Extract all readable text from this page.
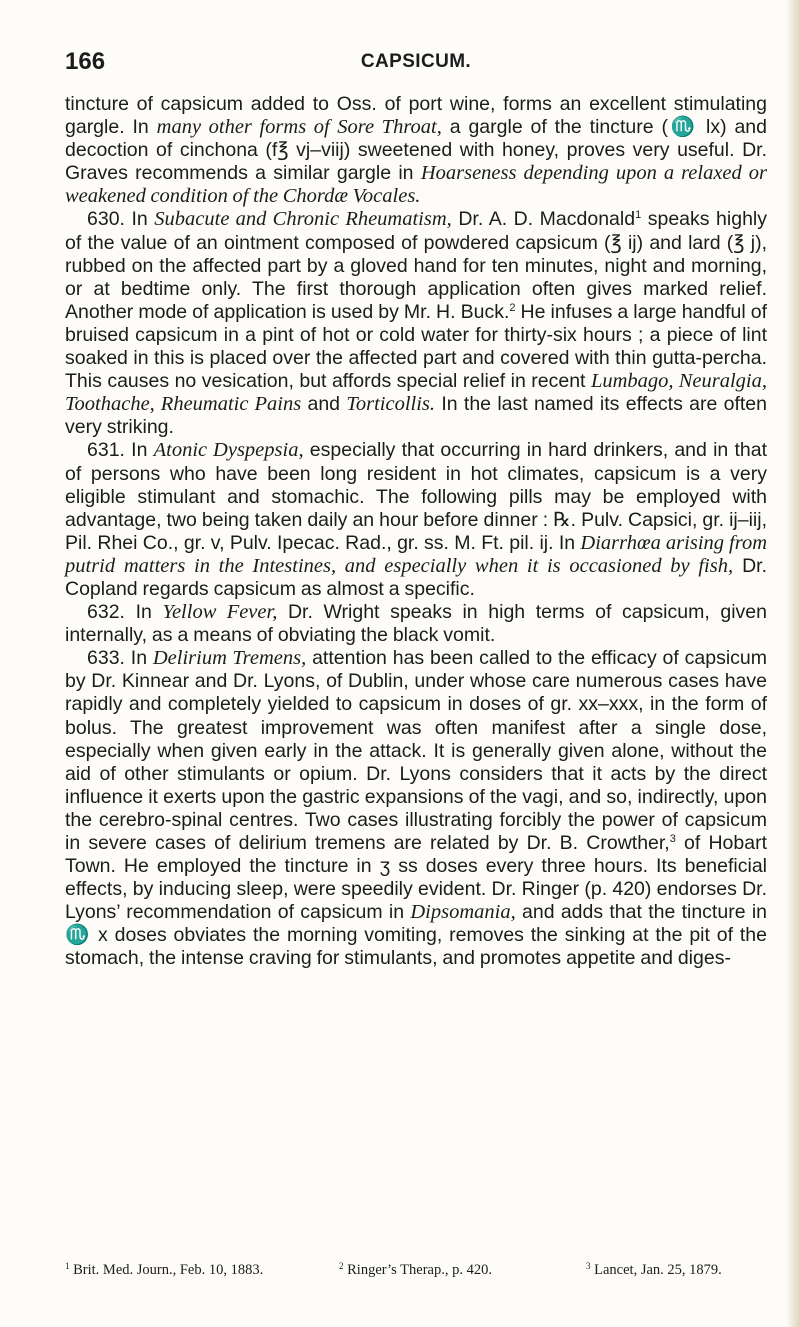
166	CAPSICUM.

tincture of capsicum added to Oss. of port wine, forms an excellent stimulating gargle. In many other forms of Sore Throat, a gargle of the tincture (♏ lx) and decoction of cinchona (f℥ vj–viij) sweetened with honey, proves very useful. Dr. Graves recommends a similar gargle in Hoarseness depending upon a relaxed or weakened condition of the Chordæ Vocales.

630. In Subacute and Chronic Rheumatism, Dr. A. D. Macdonald$^1$ speaks highly of the value of an ointment composed of powdered capsicum (℥ ij) and lard (℥ j), rubbed on the affected part by a gloved hand for ten minutes, night and morning, or at bedtime only. The first thorough application often gives marked relief. Another mode of application is used by Mr. H. Buck.$^2$ He infuses a large handful of bruised capsicum in a pint of hot or cold water for thirty-six hours ; a piece of lint soaked in this is placed over the affected part and covered with thin gutta-percha. This causes no vesication, but affords special relief in recent Lumbago, Neuralgia, Toothache, Rheumatic Pains and Torticollis. In the last named its effects are often very striking.

631. In Atonic Dyspepsia, especially that occurring in hard drinkers, and in that of persons who have been long resident in hot climates, capsicum is a very eligible stimulant and stomachic. The following pills may be employed with advantage, two being taken daily an hour before dinner : ℞. Pulv. Capsici, gr. ij–iij, Pil. Rhei Co., gr. v, Pulv. Ipecac. Rad., gr. ss. M. Ft. pil. ij. In Diarrhœa arising from putrid matters in the Intestines, and especially when it is occasioned by fish, Dr. Copland regards capsicum as almost a specific.

632. In Yellow Fever, Dr. Wright speaks in high terms of capsicum, given internally, as a means of obviating the black vomit.

633. In Delirium Tremens, attention has been called to the efficacy of capsicum by Dr. Kinnear and Dr. Lyons, of Dublin, under whose care numerous cases have rapidly and completely yielded to capsicum in doses of gr. xx–xxx, in the form of bolus. The greatest improvement was often manifest after a single dose, especially when given early in the attack. It is generally given alone, without the aid of other stimulants or opium. Dr. Lyons considers that it acts by the direct influence it exerts upon the gastric expansions of the vagi, and so, indirectly, upon the cerebro-spinal centres. Two cases illustrating forcibly the power of capsicum in severe cases of delirium tremens are related by Dr. B. Crowther,$^3$ of Hobart Town. He employed the tincture in ʒ ss doses every three hours. Its beneficial effects, by inducing sleep, were speedily evident. Dr. Ringer (p. 420) endorses Dr. Lyons’ recommendation of capsicum in Dipsomania, and adds that the tincture in ♏ x doses obviates the morning vomiting, removes the sinking at the pit of the stomach, the intense craving for stimulants, and promotes appetite and diges-

$^1$ Brit. Med. Journ., Feb. 10, 1883.	$^2$ Ringer’s Therap., p. 420.	$^3$ Lancet, Jan. 25, 1879.
